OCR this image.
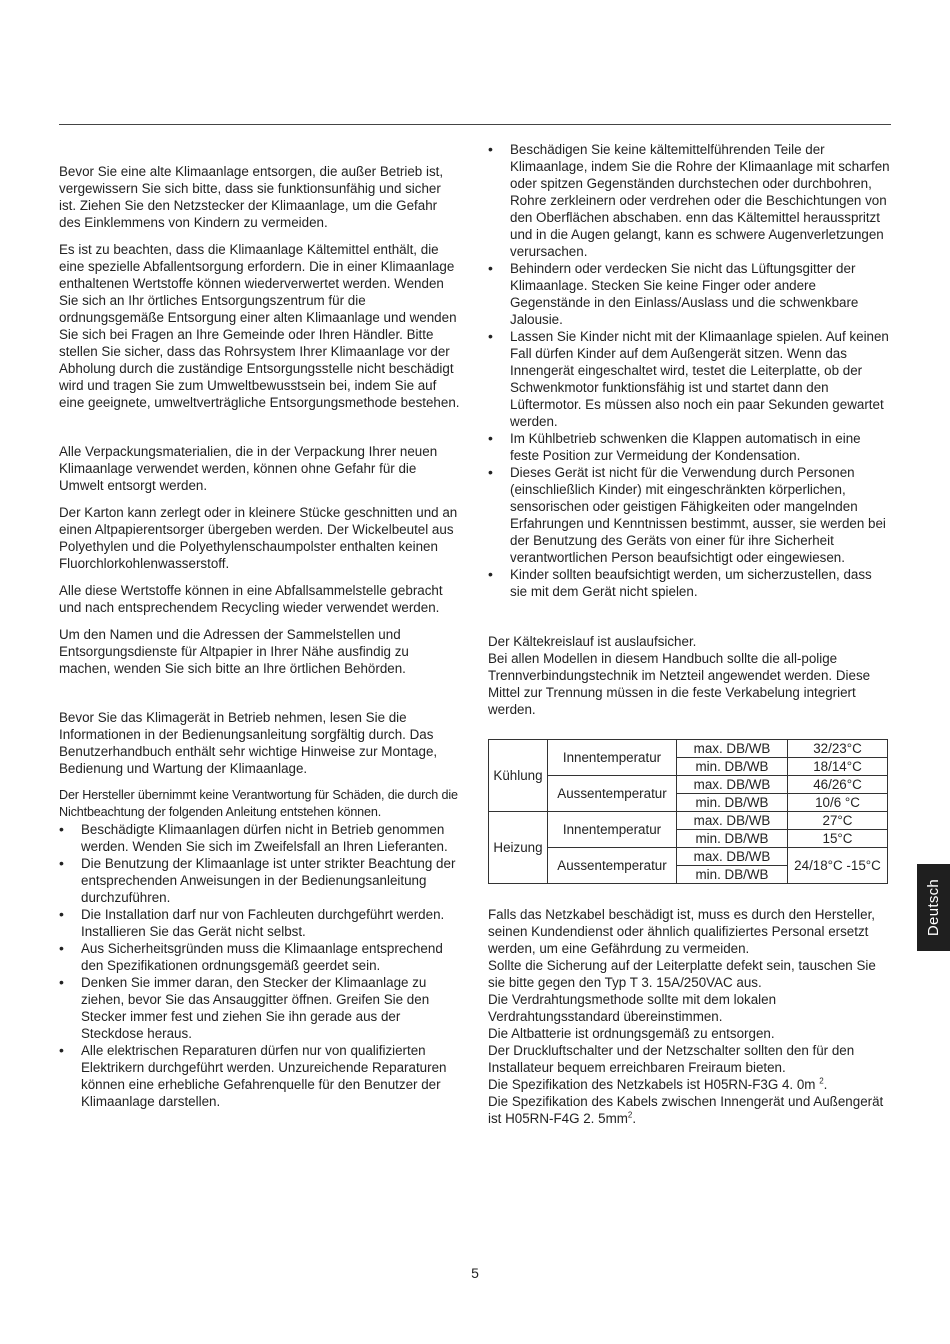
Bevor Sie eine alte Klimaanlage entsorgen, die außer Betrieb ist, vergewissern Sie sich bitte, dass sie funktionsunfähig und sicher ist. Ziehen Sie den Netzstecker der Klimaanlage, um die Gefahr des Einklemmens von Kindern zu vermeiden.

Es ist zu beachten, dass die Klimaanlage Kältemittel enthält, die eine spezielle Abfallentsorgung erfordern. Die in einer Klimaanlage enthaltenen Wertstoffe können wiederverwertet werden. Wenden Sie sich an Ihr örtliches Entsorgungszentrum für die ordnungsgemäße Entsorgung einer alten Klimaanlage und wenden Sie sich bei Fragen an Ihre Gemeinde oder Ihren Händler. Bitte stellen Sie sicher, dass das Rohrsystem Ihrer Klimaanlage vor der Abholung durch die zuständige Entsorgungsstelle nicht beschädigt wird und tragen Sie zum Umweltbewusstsein bei, indem Sie auf eine geeignete, umweltverträgliche Entsorgungsmethode bestehen.

Alle Verpackungsmaterialien, die in der Verpackung Ihrer neuen Klimaanlage verwendet werden, können ohne Gefahr für die Umwelt entsorgt werden.

Der Karton kann zerlegt oder in kleinere Stücke geschnitten und an einen Altpapierentsorger übergeben werden. Der Wickelbeutel aus Polyethylen und die Polyethylenschaumpolster enthalten keinen Fluorchlorkohlenwasserstoff.

Alle diese Wertstoffe können in eine Abfallsammelstelle gebracht und nach entsprechendem Recycling wieder verwendet werden.

Um den Namen und die Adressen der Sammelstellen und Entsorgungsdienste für Altpapier in Ihrer Nähe ausfindig zu machen, wenden Sie sich bitte an Ihre örtlichen Behörden.

Bevor Sie das Klimagerät in Betrieb nehmen, lesen Sie die Informationen in der Bedienungsanleitung sorgfältig durch. Das Benutzerhandbuch enthält sehr wichtige Hinweise zur Montage, Bedienung und Wartung der Klimaanlage.

Der Hersteller übernimmt keine Verantwortung für Schäden, die durch die Nichtbeachtung der folgenden Anleitung entstehen können.

• Beschädigte Klimaanlagen dürfen nicht in Betrieb genommen werden. Wenden Sie sich im Zweifelsfall an Ihren Lieferanten.
• Die Benutzung der Klimaanlage ist unter strikter Beachtung der entsprechenden Anweisungen in der Bedienungsanleitung durchzuführen.
• Die Installation darf nur von Fachleuten durchgeführt werden. Installieren Sie das Gerät nicht selbst.
• Aus Sicherheitsgründen muss die Klimaanlage entsprechend den Spezifikationen ordnungsgemäß geerdet sein.
• Denken Sie immer daran, den Stecker der Klimaanlage zu ziehen, bevor Sie das Ansauggitter öffnen. Greifen Sie den Stecker immer fest und ziehen Sie ihn gerade aus der Steckdose heraus.
• Alle elektrischen Reparaturen dürfen nur von qualifizierten Elektrikern durchgeführt werden. Unzureichende Reparaturen können eine erhebliche Gefahrenquelle für den Benutzer der Klimaanlage darstellen.
• Beschädigen Sie keine kältemittelführenden Teile der Klimaanlage, indem Sie die Rohre der Klimaanlage mit scharfen oder spitzen Gegenständen durchstechen oder durchbohren, Rohre zerkleinern oder verdrehen oder die Beschichtungen von den Oberflächen abschaben. enn das Kältemittel herausspritzt und in die Augen gelangt, kann es schwere Augenverletzungen verursachen.
• Behindern oder verdecken Sie nicht das Lüftungsgitter der Klimaanlage. Stecken Sie keine Finger oder andere Gegenstände in den Einlass/Auslass und die schwenkbare Jalousie.
• Lassen Sie Kinder nicht mit der Klimaanlage spielen. Auf keinen Fall dürfen Kinder auf dem Außengerät sitzen. Wenn das Innengerät eingeschaltet wird, testet die Leiterplatte, ob der Schwenkmotor funktionsfähig ist und startet dann den Lüftermotor. Es müssen also noch ein paar Sekunden gewartet werden.
• Im Kühlbetrieb schwenken die Klappen automatisch in eine feste Position zur Vermeidung der Kondensation.
• Dieses Gerät ist nicht für die Verwendung durch Personen (einschließlich Kinder) mit eingeschränkten körperlichen, sensorischen oder geistigen Fähigkeiten oder mangelnden Erfahrungen und Kenntnissen bestimmt, ausser, sie werden bei der Benutzung des Geräts von einer für ihre Sicherheit verantwortlichen Person beaufsichtigt oder eingewiesen.
• Kinder sollten beaufsichtigt werden, um sicherzustellen, dass sie mit dem Gerät nicht spielen.
Der Kältekreislauf ist auslaufsicher.
Bei allen Modellen in diesem Handbuch sollte die all-polige Trennverbindungstechnik im Netzteil angewendet werden. Diese Mittel zur Trennung müssen in die feste Verkabelung integriert werden.
Kühlung	Innentemperatur	max. DB/WB	32/23°C
		min. DB/WB	18/14°C
	Aussentemperatur	max. DB/WB	46/26°C
		min. DB/WB	10/6 °C
Heizung	Innentemperatur	max. DB/WB	27°C
		min. DB/WB	15°C
	Aussentemperatur	max. DB/WB	24/18°C -15°C
		min. DB/WB	
Falls das Netzkabel beschädigt ist, muss es durch den Hersteller, seinen Kundendienst oder ähnlich qualifiziertes Personal ersetzt werden, um eine Gefährdung zu vermeiden.
Sollte die Sicherung auf der Leiterplatte defekt sein, tauschen Sie sie bitte gegen den Typ T 3. 15A/250VAC aus.
Die Verdrahtungsmethode sollte mit dem lokalen Verdrahtungsstandard übereinstimmen.
Die Altbatterie ist ordnungsgemäß zu entsorgen.
Der Druckluftschalter und der Netzschalter sollten den für den Installateur bequem erreichbaren Freiraum bieten.
Die Spezifikation des Netzkabels ist H05RN-F3G 4. 0m $^2$.
Die Spezifikation des Kabels zwischen Innengerät und Außengerät ist H05RN-F4G 2. $5mm^2$.
Deutsch
5
